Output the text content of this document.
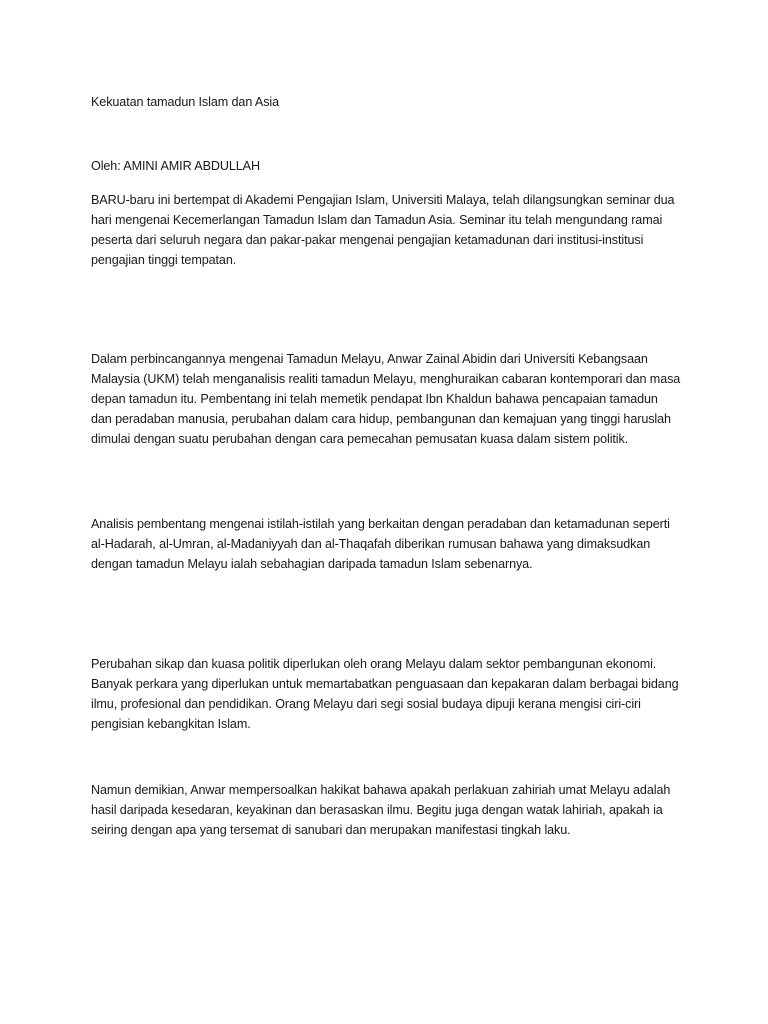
Kekuatan tamadun Islam dan Asia

Oleh: AMINI AMIR ABDULLAH

BARU-baru ini bertempat di Akademi Pengajian Islam, Universiti Malaya, telah dilangsungkan seminar dua hari mengenai Kecemerlangan Tamadun Islam dan Tamadun Asia. Seminar itu telah mengundang ramai peserta dari seluruh negara dan pakar-pakar mengenai pengajian ketamadunan dari institusi-institusi pengajian tinggi tempatan.

Dalam perbincangannya mengenai Tamadun Melayu, Anwar Zainal Abidin dari Universiti Kebangsaan Malaysia (UKM) telah menganalisis realiti tamadun Melayu, menghuraikan cabaran kontemporari dan masa depan tamadun itu. Pembentang ini telah memetik pendapat Ibn Khaldun bahawa pencapaian tamadun dan peradaban manusia, perubahan dalam cara hidup, pembangunan dan kemajuan yang tinggi haruslah dimulai dengan suatu perubahan dengan cara pemecahan pemusatan kuasa dalam sistem politik.

Analisis pembentang mengenai istilah-istilah yang berkaitan dengan peradaban dan ketamadunan seperti al-Hadarah, al-Umran, al-Madaniyyah dan al-Thaqafah diberikan rumusan bahawa yang dimaksudkan dengan tamadun Melayu ialah sebahagian daripada tamadun Islam sebenarnya.

Perubahan sikap dan kuasa politik diperlukan oleh orang Melayu dalam sektor pembangunan ekonomi. Banyak perkara yang diperlukan untuk memartabatkan penguasaan dan kepakaran dalam berbagai bidang ilmu, profesional dan pendidikan. Orang Melayu dari segi sosial budaya dipuji kerana mengisi ciri-ciri pengisian kebangkitan Islam.

Namun demikian, Anwar mempersoalkan hakikat bahawa apakah perlakuan zahiriah umat Melayu adalah hasil daripada kesedaran, keyakinan dan berasaskan ilmu. Begitu juga dengan watak lahiriah, apakah ia seiring dengan apa yang tersemat di sanubari dan merupakan manifestasi tingkah laku.
